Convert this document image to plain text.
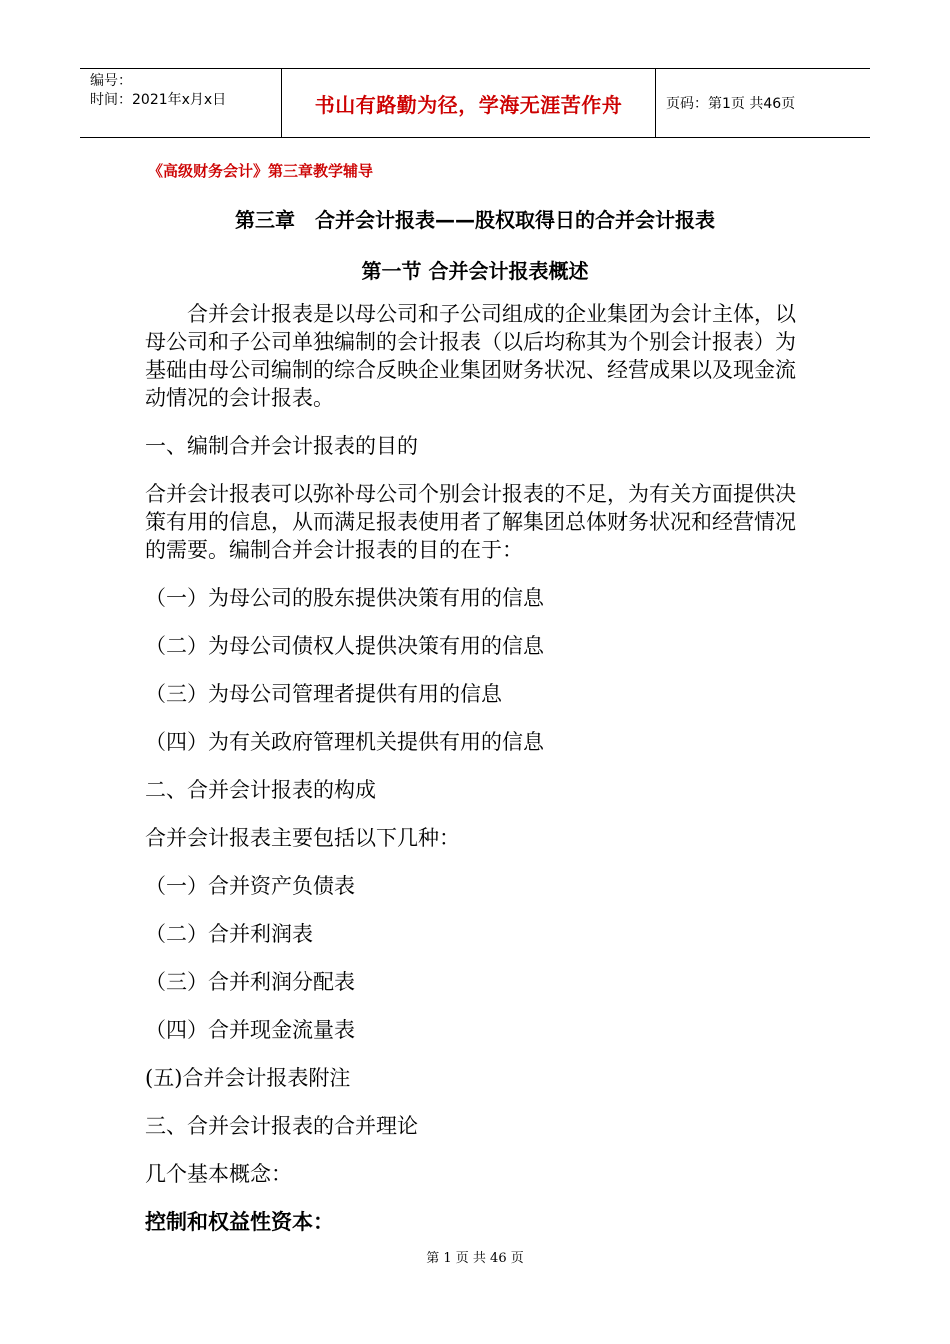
编号：
时间：2021年x月x日	书山有路勤为径，学海无涯苦作舟	页码：第1页 共46页
《高级财务会计》第三章教学辅导
第三章　合并会计报表——股权取得日的合并会计报表
第一节 合并会计报表概述

合并会计报表是以母公司和子公司组成的企业集团为会计主体，以母公司和子公司单独编制的会计报表（以后均称其为个别会计报表）为基础由母公司编制的综合反映企业集团财务状况、经营成果以及现金流动情况的会计报表。

一、编制合并会计报表的目的

合并会计报表可以弥补母公司个别会计报表的不足，为有关方面提供决策有用的信息，从而满足报表使用者了解集团总体财务状况和经营情况的需要。编制合并会计报表的目的在于：

（一）为母公司的股东提供决策有用的信息

（二）为母公司债权人提供决策有用的信息

（三）为母公司管理者提供有用的信息

（四）为有关政府管理机关提供有用的信息

二、合并会计报表的构成

合并会计报表主要包括以下几种：

（一）合并资产负债表

（二）合并利润表

（三）合并利润分配表

（四）合并现金流量表

(五)合并会计报表附注

三、合并会计报表的合并理论

几个基本概念：

控制和权益性资本：

第 1 页 共 46 页
